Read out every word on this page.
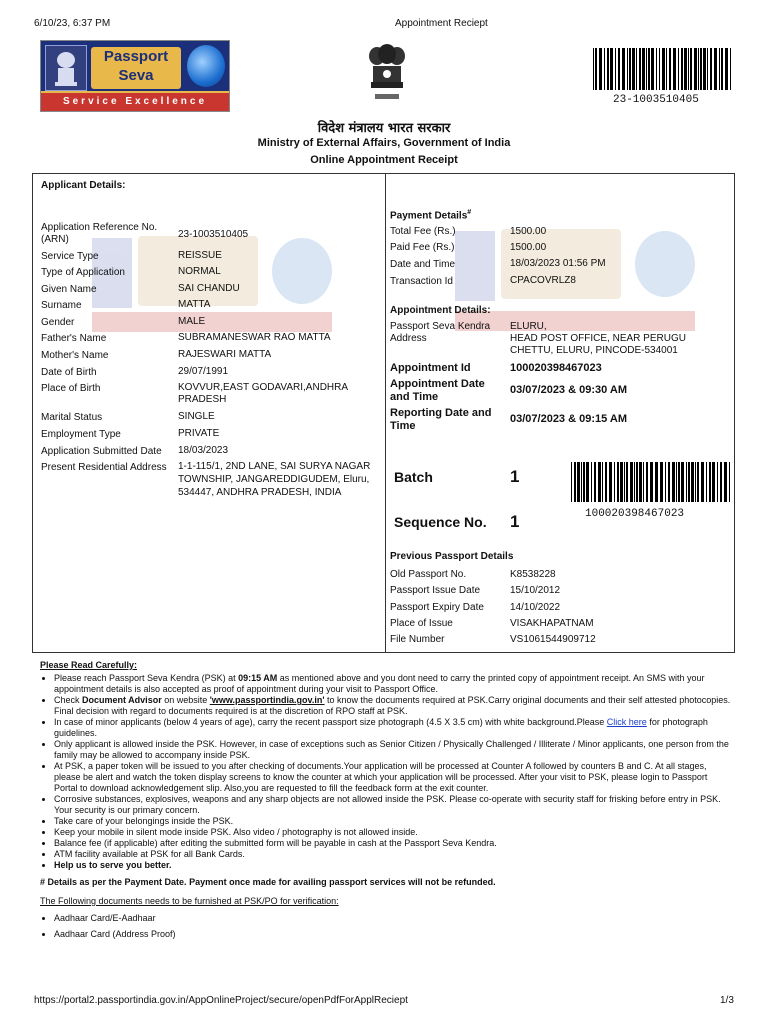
6/10/23, 6:37 PM	Appointment Reciept
Passport
Seva
Service Excellence	23-1003510405
विदेश मंत्रालय भारत सरकार
Ministry of External Affairs, Government of India
Online Appointment Receipt
Applicant Details:
Application Reference No.
(ARN)	23-1003510405
Service Type	REISSUE
Type of Application	NORMAL
Given Name	SAI CHANDU
Surname	MATTA
Gender	MALE
Father's Name	SUBRAMANESWAR RAO MATTA
Mother's Name	RAJESWARI MATTA
Date of Birth	29/07/1991
Place of Birth	KOVVUR,EAST GODAVARI,ANDHRA
PRADESH
Marital Status	SINGLE
Employment Type	PRIVATE
Application Submitted Date 18/03/2023
Present Residential Address 1-1-115/1, 2ND LANE, SAI SURYA NAGAR
TOWNSHIP, JANGAREDDIGUDEM, Eluru,
534447, ANDHRA PRADESH, INDIA
Payment Details#
Total Fee (Rs.)	1500.00
Paid Fee (Rs.)	1500.00
Date and Time	18/03/2023 01:56 PM
Transaction Id	CPACOVRLZ8
Appointment Details:
Passport Seva Kendra
Address
ELURU,
HEAD POST OFFICE, NEAR PERUGU
CHETTU, ELURU, PINCODE-534001
Appointment Id	100020398467023
Appointment Date
and Time
03/07/2023 & 09:30 AM
Reporting Date and
Time
03/07/2023 & 09:15 AM
Batch	1
Sequence No. 1	100020398467023
Previous Passport Details
Old Passport No.	K8538228
Passport Issue Date	15/10/2012
Passport Expiry Date	14/10/2022
Place of Issue	VISAKHAPATNAM
File Number	VS1061544909712
Please Read Carefully:
• Please reach Passport Seva Kendra (PSK) at 09:15 AM as mentioned above and you dont need to carry the printed copy of appointment receipt. An SMS with your appointment details is also accepted as proof of appointment during your visit to Passport Office.
• Check Document Advisor on website 'www.passportindia.gov.in' to know the documents required at PSK.Carry original documents and their self attested photocopies. Final decision with regard to documents required is at the discretion of RPO staff at PSK.
• In case of minor applicants (below 4 years of age), carry the recent passport size photograph (4.5 X 3.5 cm) with white background.Please Click here for photograph guidelines.
• Only applicant is allowed inside the PSK. However, in case of exceptions such as Senior Citizen / Physically Challenged / Illiterate / Minor applicants, one person from the family may be allowed to accompany inside PSK.
• At PSK, a paper token will be issued to you after checking of documents.Your application will be processed at Counter A followed by counters B and C. At all stages, please be alert and watch the token display screens to know the counter at which your application will be processed. After your visit to PSK, please login to Passport Portal to download acknowledgement slip. Also,you are requested to fill the feedback form at the exit counter.
• Corrosive substances, explosives, weapons and any sharp objects are not allowed inside the PSK. Please co-operate with security staff for frisking before entry in PSK. Your security is our primary concern.
• Take care of your belongings inside the PSK.
• Keep your mobile in silent mode inside PSK. Also video / photography is not allowed inside.
• Balance fee (if applicable) after editing the submitted form will be payable in cash at the Passport Seva Kendra.
• ATM facility available at PSK for all Bank Cards.
• Help us to serve you better.
# Details as per the Payment Date. Payment once made for availing passport services will not be refunded.
The Following documents needs to be furnished at PSK/PO for verification:
• Aadhaar Card/E-Aadhaar
• Aadhaar Card (Address Proof)
https://portal2.passportindia.gov.in/AppOnlineProject/secure/openPdfForApplReciept	1/3
